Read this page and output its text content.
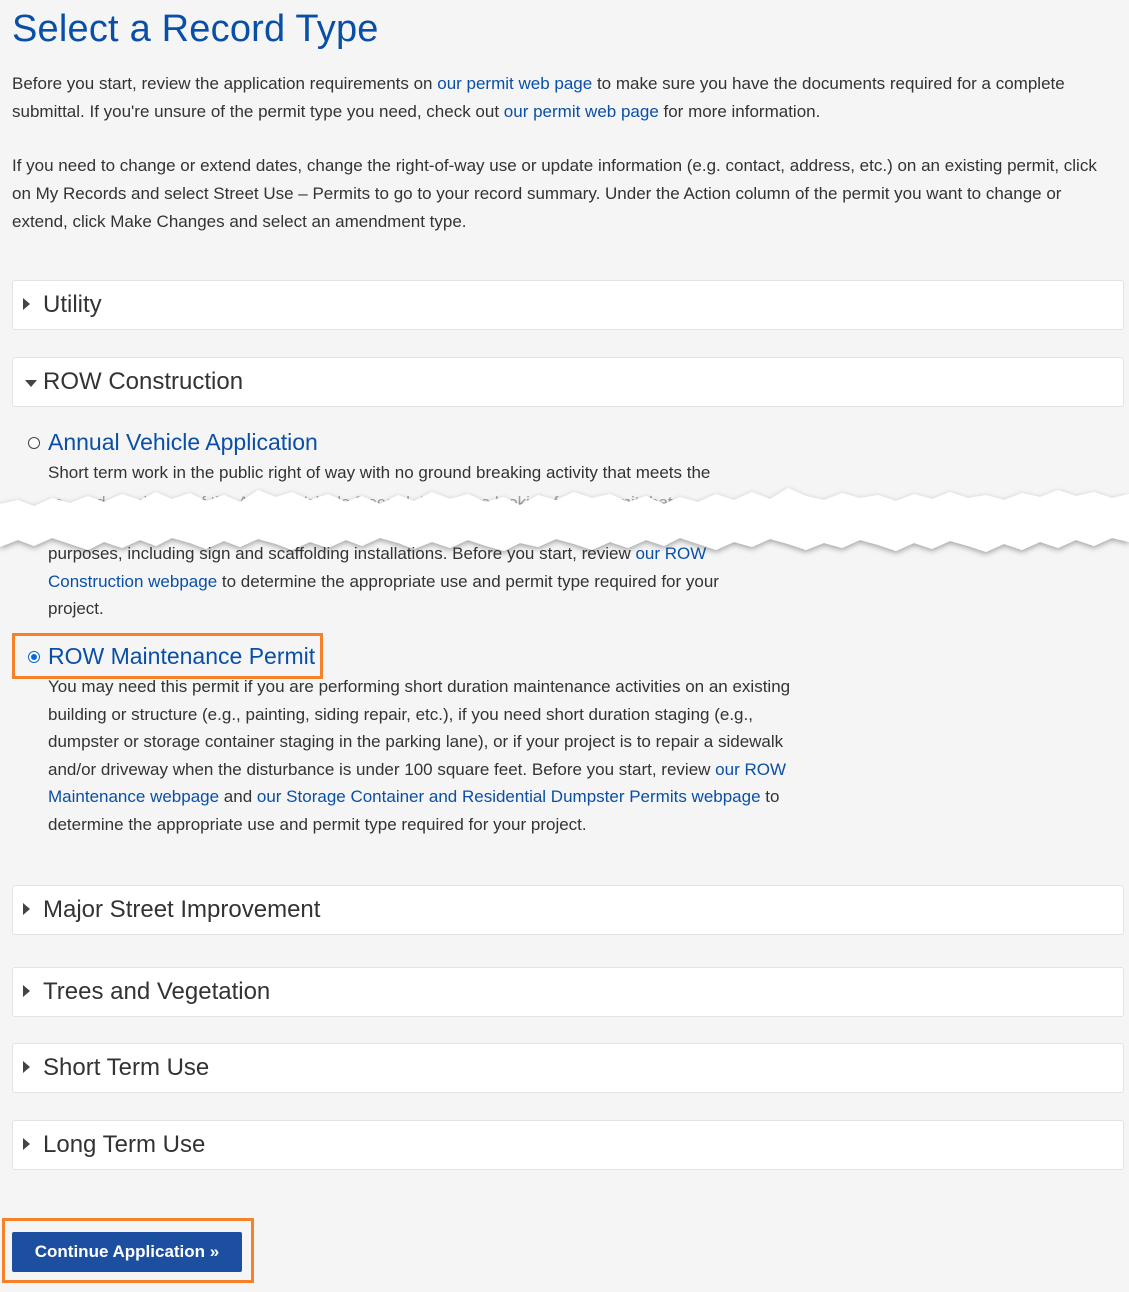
Select a Record Type

Before you start, review the application requirements on our permit web page to make sure you have the documents required for a complete submittal. If you're unsure of the permit type you need, check out our permit web page for more information.

If you need to change or extend dates, change the right-of-way use or update information (e.g. contact, address, etc.) on an existing permit, click on My Records and select Street Use – Permits to go to your record summary. Under the Action column of the permit you want to change or extend, click Make Changes and select an amendment type.

Utility
ROW Construction
Annual Vehicle Application

Short term work in the public right of way with no ground breaking activity that meets the

purposes, including sign and scaffolding installations. Before you start, review our ROW Construction webpage to determine the appropriate use and permit type required for your project.

ROW Maintenance Permit

You may need this permit if you are performing short duration maintenance activities on an existing building or structure (e.g., painting, siding repair, etc.), if you need short duration staging (e.g., dumpster or storage container staging in the parking lane), or if your project is to repair a sidewalk and/or driveway when the disturbance is under 100 square feet. Before you start, review our ROW Maintenance webpage and our Storage Container and Residential Dumpster Permits webpage to determine the appropriate use and permit type required for your project.

Major Street Improvement
Trees and Vegetation
Short Term Use
Long Term Use
Continue Application »
